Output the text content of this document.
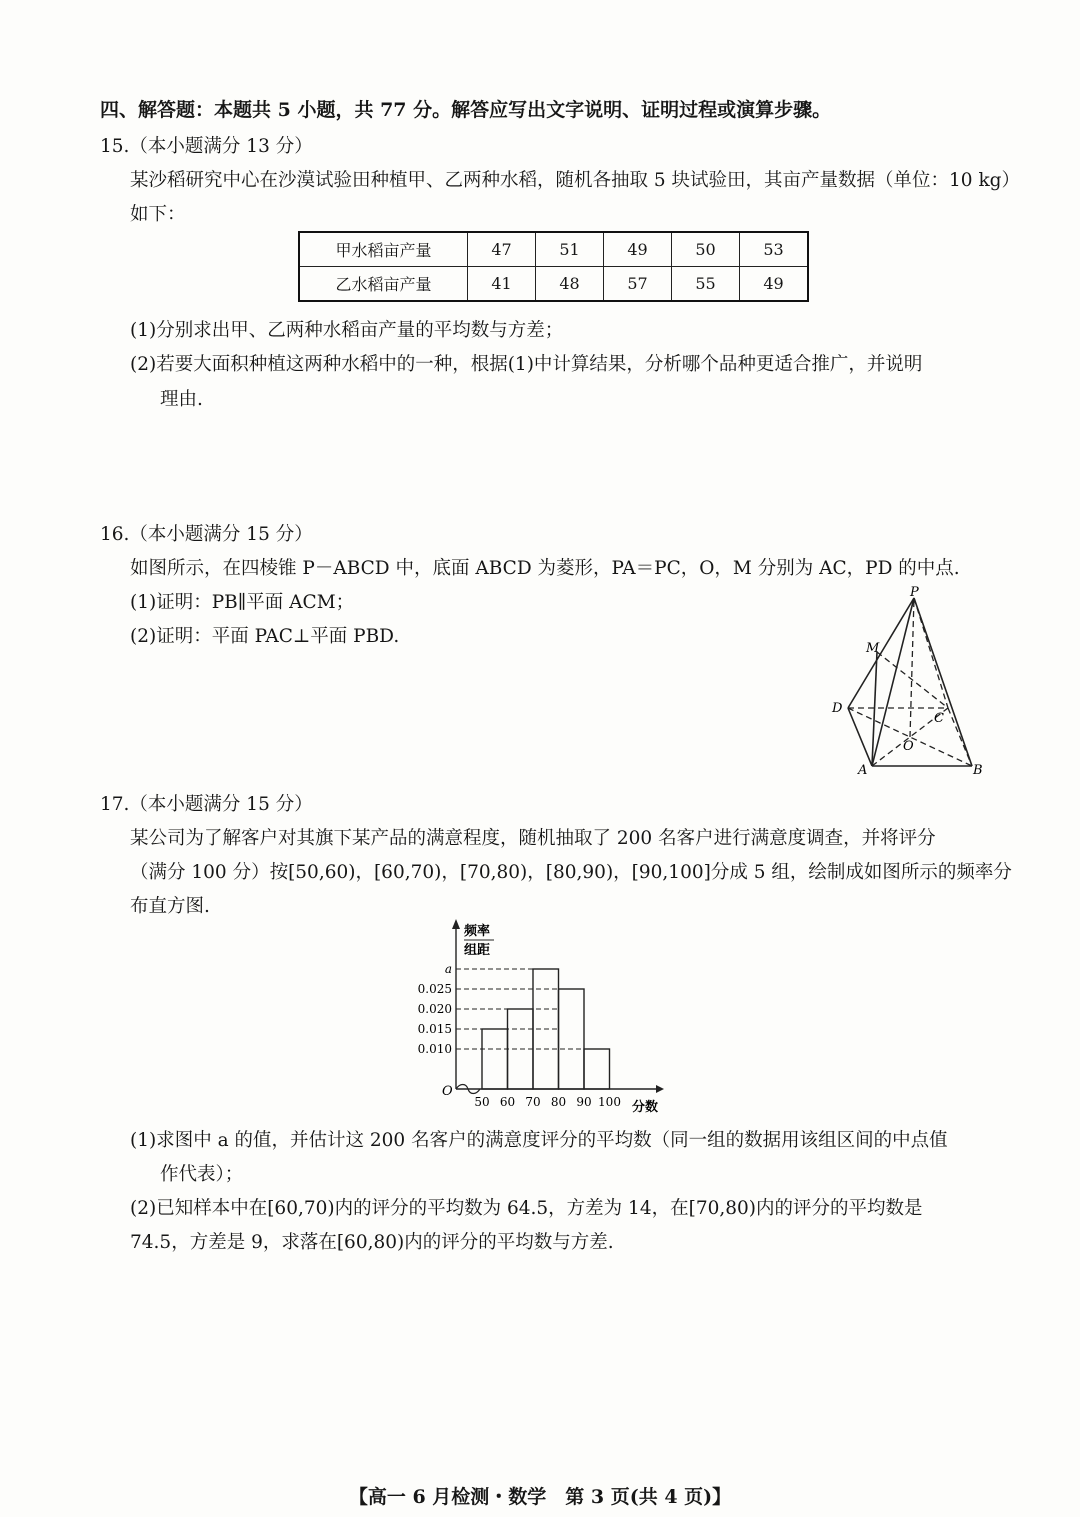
四、解答题：本题共 5 小题，共 77 分。解答应写出文字说明、证明过程或演算步骤。
15.（本小题满分 13 分）
某沙稻研究中心在沙漠试验田种植甲、乙两种水稻，随机各抽取 5 块试验田，其亩产量数据（单位：10 kg）
如下：
甲水稻亩产量	47	51	49	50	53
乙水稻亩产量	41	48	57	55	49
(1)分别求出甲、乙两种水稻亩产量的平均数与方差；
(2)若要大面积种植这两种水稻中的一种，根据(1)中计算结果，分析哪个品种更适合推广，并说明
理由.
16.（本小题满分 15 分）
如图所示，在四棱锥 P－ABCD 中，底面 ABCD 为菱形，PA＝PC，O，M 分别为 AC，PD 的中点.
(1)证明：PB∥平面 ACM；
(2)证明：平面 PAC⊥平面 PBD.
P
M
D
C
O
A	B
17.（本小题满分 15 分）
某公司为了解客户对其旗下某产品的满意程度，随机抽取了 200 名客户进行满意度调查，并将评分
（满分 100 分）按[50,60)，[60,70)，[70,80)，[80,90)，[90,100]分成 5 组，绘制成如图所示的频率分
布直方图.
频率
组距
O
分数
0.010
0.015
0.020
0.025
a
50 60 70 80 90 100
(1)求图中 a 的值，并估计这 200 名客户的满意度评分的平均数（同一组的数据用该组区间的中点值
作代表）；
(2)已知样本中在[60,70)内的评分的平均数为 64.5，方差为 14，在[70,80)内的评分的平均数是
74.5，方差是 9，求落在[60,80)内的评分的平均数与方差.
【高一 6 月检测・数学　第 3 页(共 4 页)】
